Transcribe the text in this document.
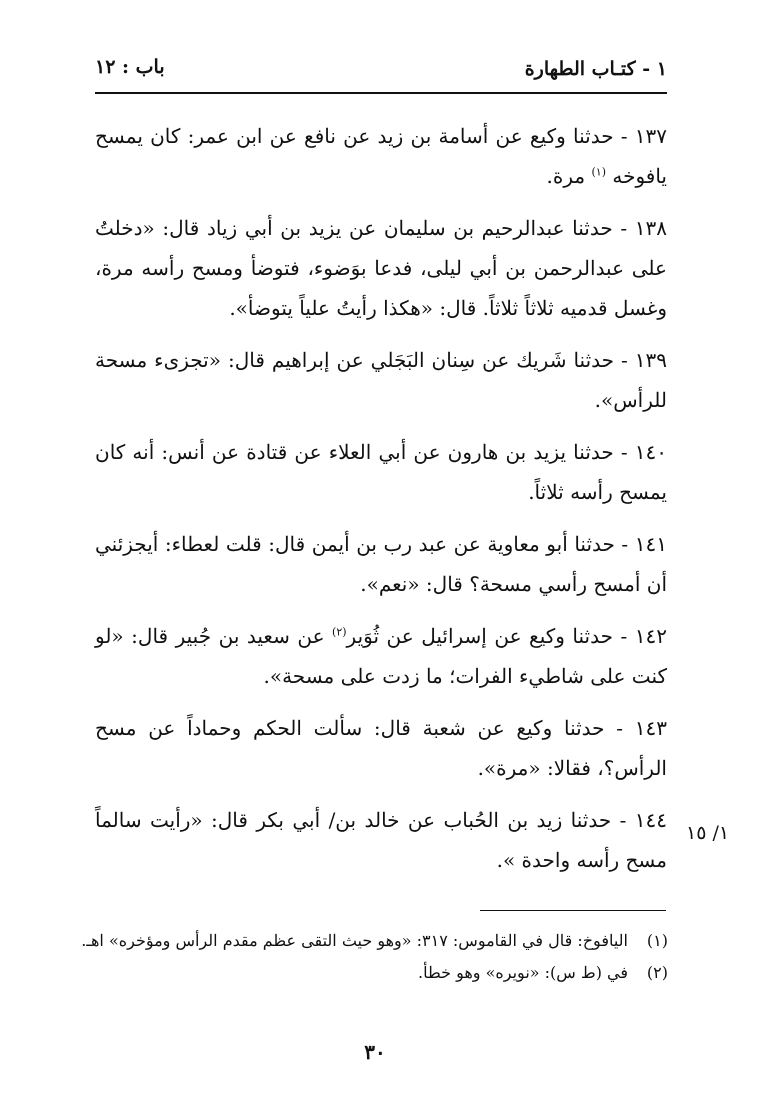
١ - كتـاب الطهارة
باب : ١٢

١٣٧ - حدثنا وكيع عن أسامة بن زيد عن نافع عن ابن عمر: كان يمسح يافوخه $^{(١)}$ مرة.

١٣٨ - حدثنا عبدالرحيم بن سليمان عن يزيد بن أبي زياد قال: «دخلتُ على عبدالرحمن بن أبي ليلى، فدعا بوَضوء، فتوضأ ومسح رأسه مرة، وغسل قدميه ثلاثاً ثلاثاً. قال: «هكذا رأيتُ علياً يتوضأ».

١٣٩ - حدثنا شَريك عن سِنان البَجَلي عن إبراهيم قال: «تجزىء مسحة للرأس».

١٤٠ - حدثنا يزيد بن هارون عن أبي العلاء عن قتادة عن أنس: أنه كان يمسح رأسه ثلاثاً.

١٤١ - حدثنا أبو معاوية عن عبد رب بن أيمن قال: قلت لعطاء: أيجزئني أن أمسح رأسي مسحة؟ قال: «نعم».

١٤٢ - حدثنا وكيع عن إسرائيل عن ثُوَير$^{(٢)}$ عن سعيد بن جُبير قال: «لو كنت على شاطيء الفرات؛ ما زدت على مسحة».

١٤٣ - حدثنا وكيع عن شعبة قال: سألت الحكم وحماداً عن مسح الرأس؟، فقالا: «مرة».

١٤٤ - حدثنا زيد بن الحُباب عن خالد بن/ أبي بكر قال: «رأيت سالماً مسح رأسه واحدة ».

١/ ١٥

(١)
اليافوخ: قال في القاموس: ٣١٧: «وهو حيث التقى عظم مقدم الرأس ومؤخره» اهـ.

(٢)
في (ط س): «نويره» وهو خطأ.

٣٠
